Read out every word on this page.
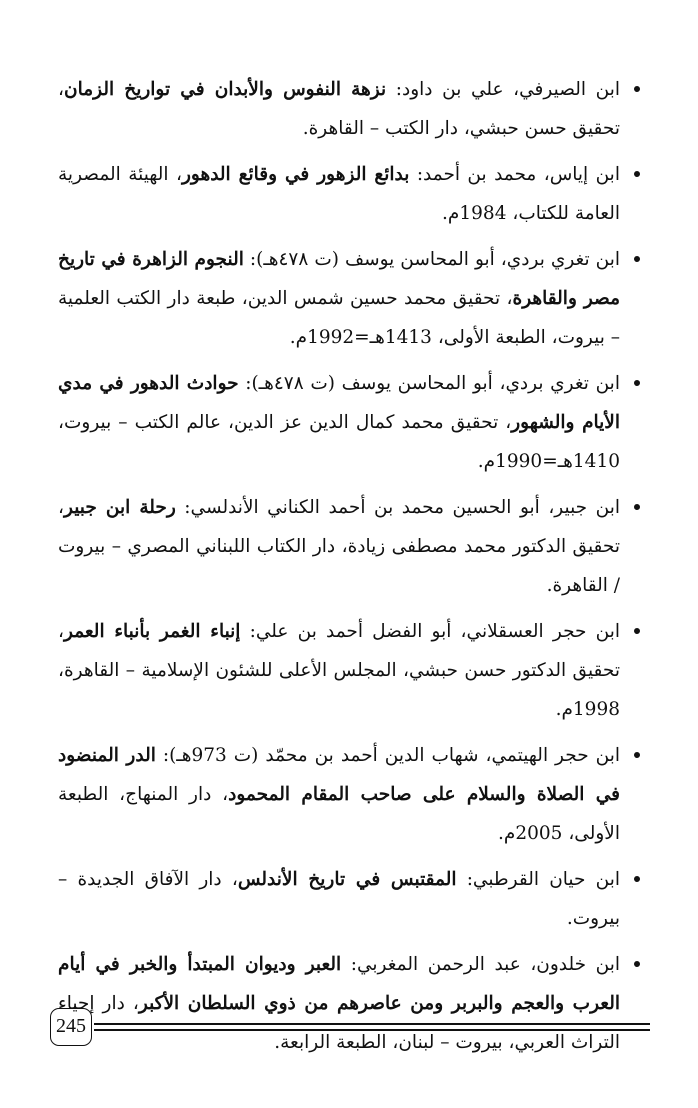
ابن الصيرفي، علي بن داود: نزهة النفوس والأبدان في تواريخ الزمان، تحقيق حسن حبشي، دار الكتب – القاهرة.
ابن إياس، محمد بن أحمد: بدائع الزهور في وقائع الدهور، الهيئة المصرية العامة للكتاب، 1984م.
ابن تغري بردي، أبو المحاسن يوسف (ت ٤٧٨هـ): النجوم الزاهرة في تاريخ مصر والقاهرة، تحقيق محمد حسين شمس الدين، طبعة دار الكتب العلمية – بيروت، الطبعة الأولى، 1413هـ=1992م.
ابن تغري بردي، أبو المحاسن يوسف (ت ٤٧٨هـ): حوادث الدهور في مدي الأيام والشهور، تحقيق محمد كمال الدين عز الدين، عالم الكتب – بيروت، 1410هـ=1990م.
ابن جبير، أبو الحسين محمد بن أحمد الكناني الأندلسي: رحلة ابن جبير، تحقيق الدكتور محمد مصطفى زيادة، دار الكتاب اللبناني المصري – بيروت / القاهرة.
ابن حجر العسقلاني، أبو الفضل أحمد بن علي: إنباء الغمر بأنباء العمر، تحقيق الدكتور حسن حبشي، المجلس الأعلى للشئون الإسلامية – القاهرة، 1998م.
ابن حجر الهيتمي، شهاب الدين أحمد بن محمّد (ت 973هـ): الدر المنضود في الصلاة والسلام على صاحب المقام المحمود، دار المنهاج، الطبعة الأولى، 2005م.
ابن حيان القرطبي: المقتبس في تاريخ الأندلس، دار الآفاق الجديدة – بيروت.
ابن خلدون، عبد الرحمن المغربي: العبر وديوان المبتدأ والخبر في أيام العرب والعجم والبربر ومن عاصرهم من ذوي السلطان الأكبر، دار إحياء التراث العربي، بيروت – لبنان، الطبعة الرابعة.
245
